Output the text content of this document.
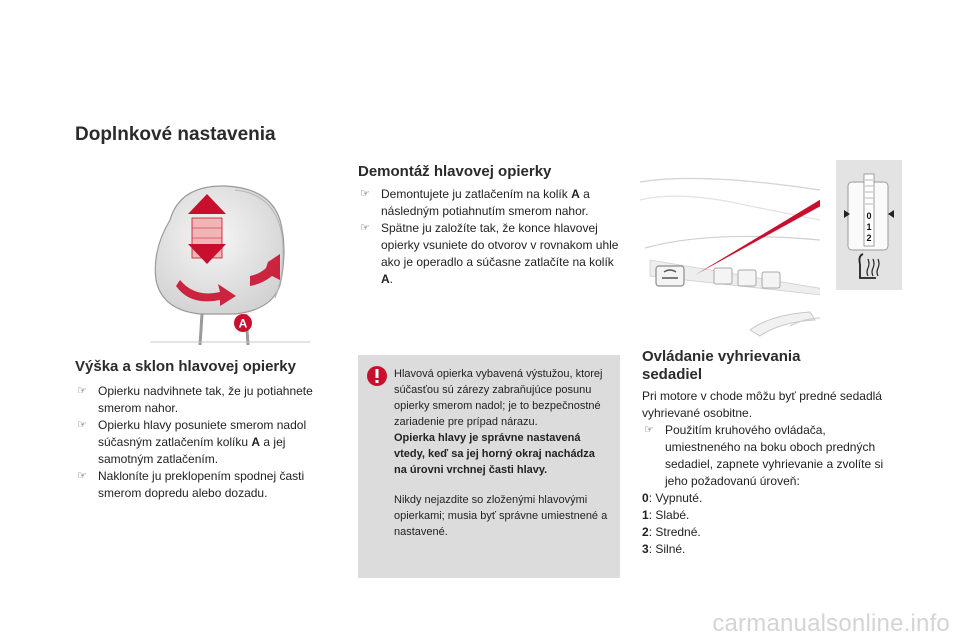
Doplnkové nastavenia
A
Výška a sklon hlavovej opierky
☞ Opierku nadvihnete tak, že ju potiahnete smerom nahor.
☞ Opierku hlavy posuniete smerom nadol súčasným zatlačením kolíku A a jej samotným zatlačením.
☞ Nakloníte ju preklopením spodnej časti smerom dopredu alebo dozadu.
Demontáž hlavovej opierky
☞ Demontujete ju zatlačením na kolík A a následným potiahnutím smerom nahor.
☞ Spätne ju založíte tak, že konce hlavovej opierky vsuniete do otvorov v rovnakom uhle ako je operadlo a súčasne zatlačíte na kolík A.

Hlavová opierka vybavená výstužou, ktorej súčasťou sú zárezy zabraňujúce posunu opierky smerom nadol; je to bezpečnostné zariadenie pre prípad nárazu.

Opierka hlavy je správne nastavená vtedy, keď sa jej horný okraj nachádza na úrovni vrchnej časti hlavy.

Nikdy nejazdite so zloženými hlavovými opierkami; musia byť správne umiestnené a nastavené.

0
1
2
Ovládanie vyhrievania
sedadiel

Pri motore v chode môžu byť predné sedadlá vyhrievané osobitne.

☞ Použitím kruhového ovládača, umiestneného na boku oboch predných sedadiel, zapnete vyhrievanie a zvolíte si jeho požadovanú úroveň:
0: Vypnuté.
1: Slabé.
2: Stredné.
3: Silné.
carmanualsonline.info
